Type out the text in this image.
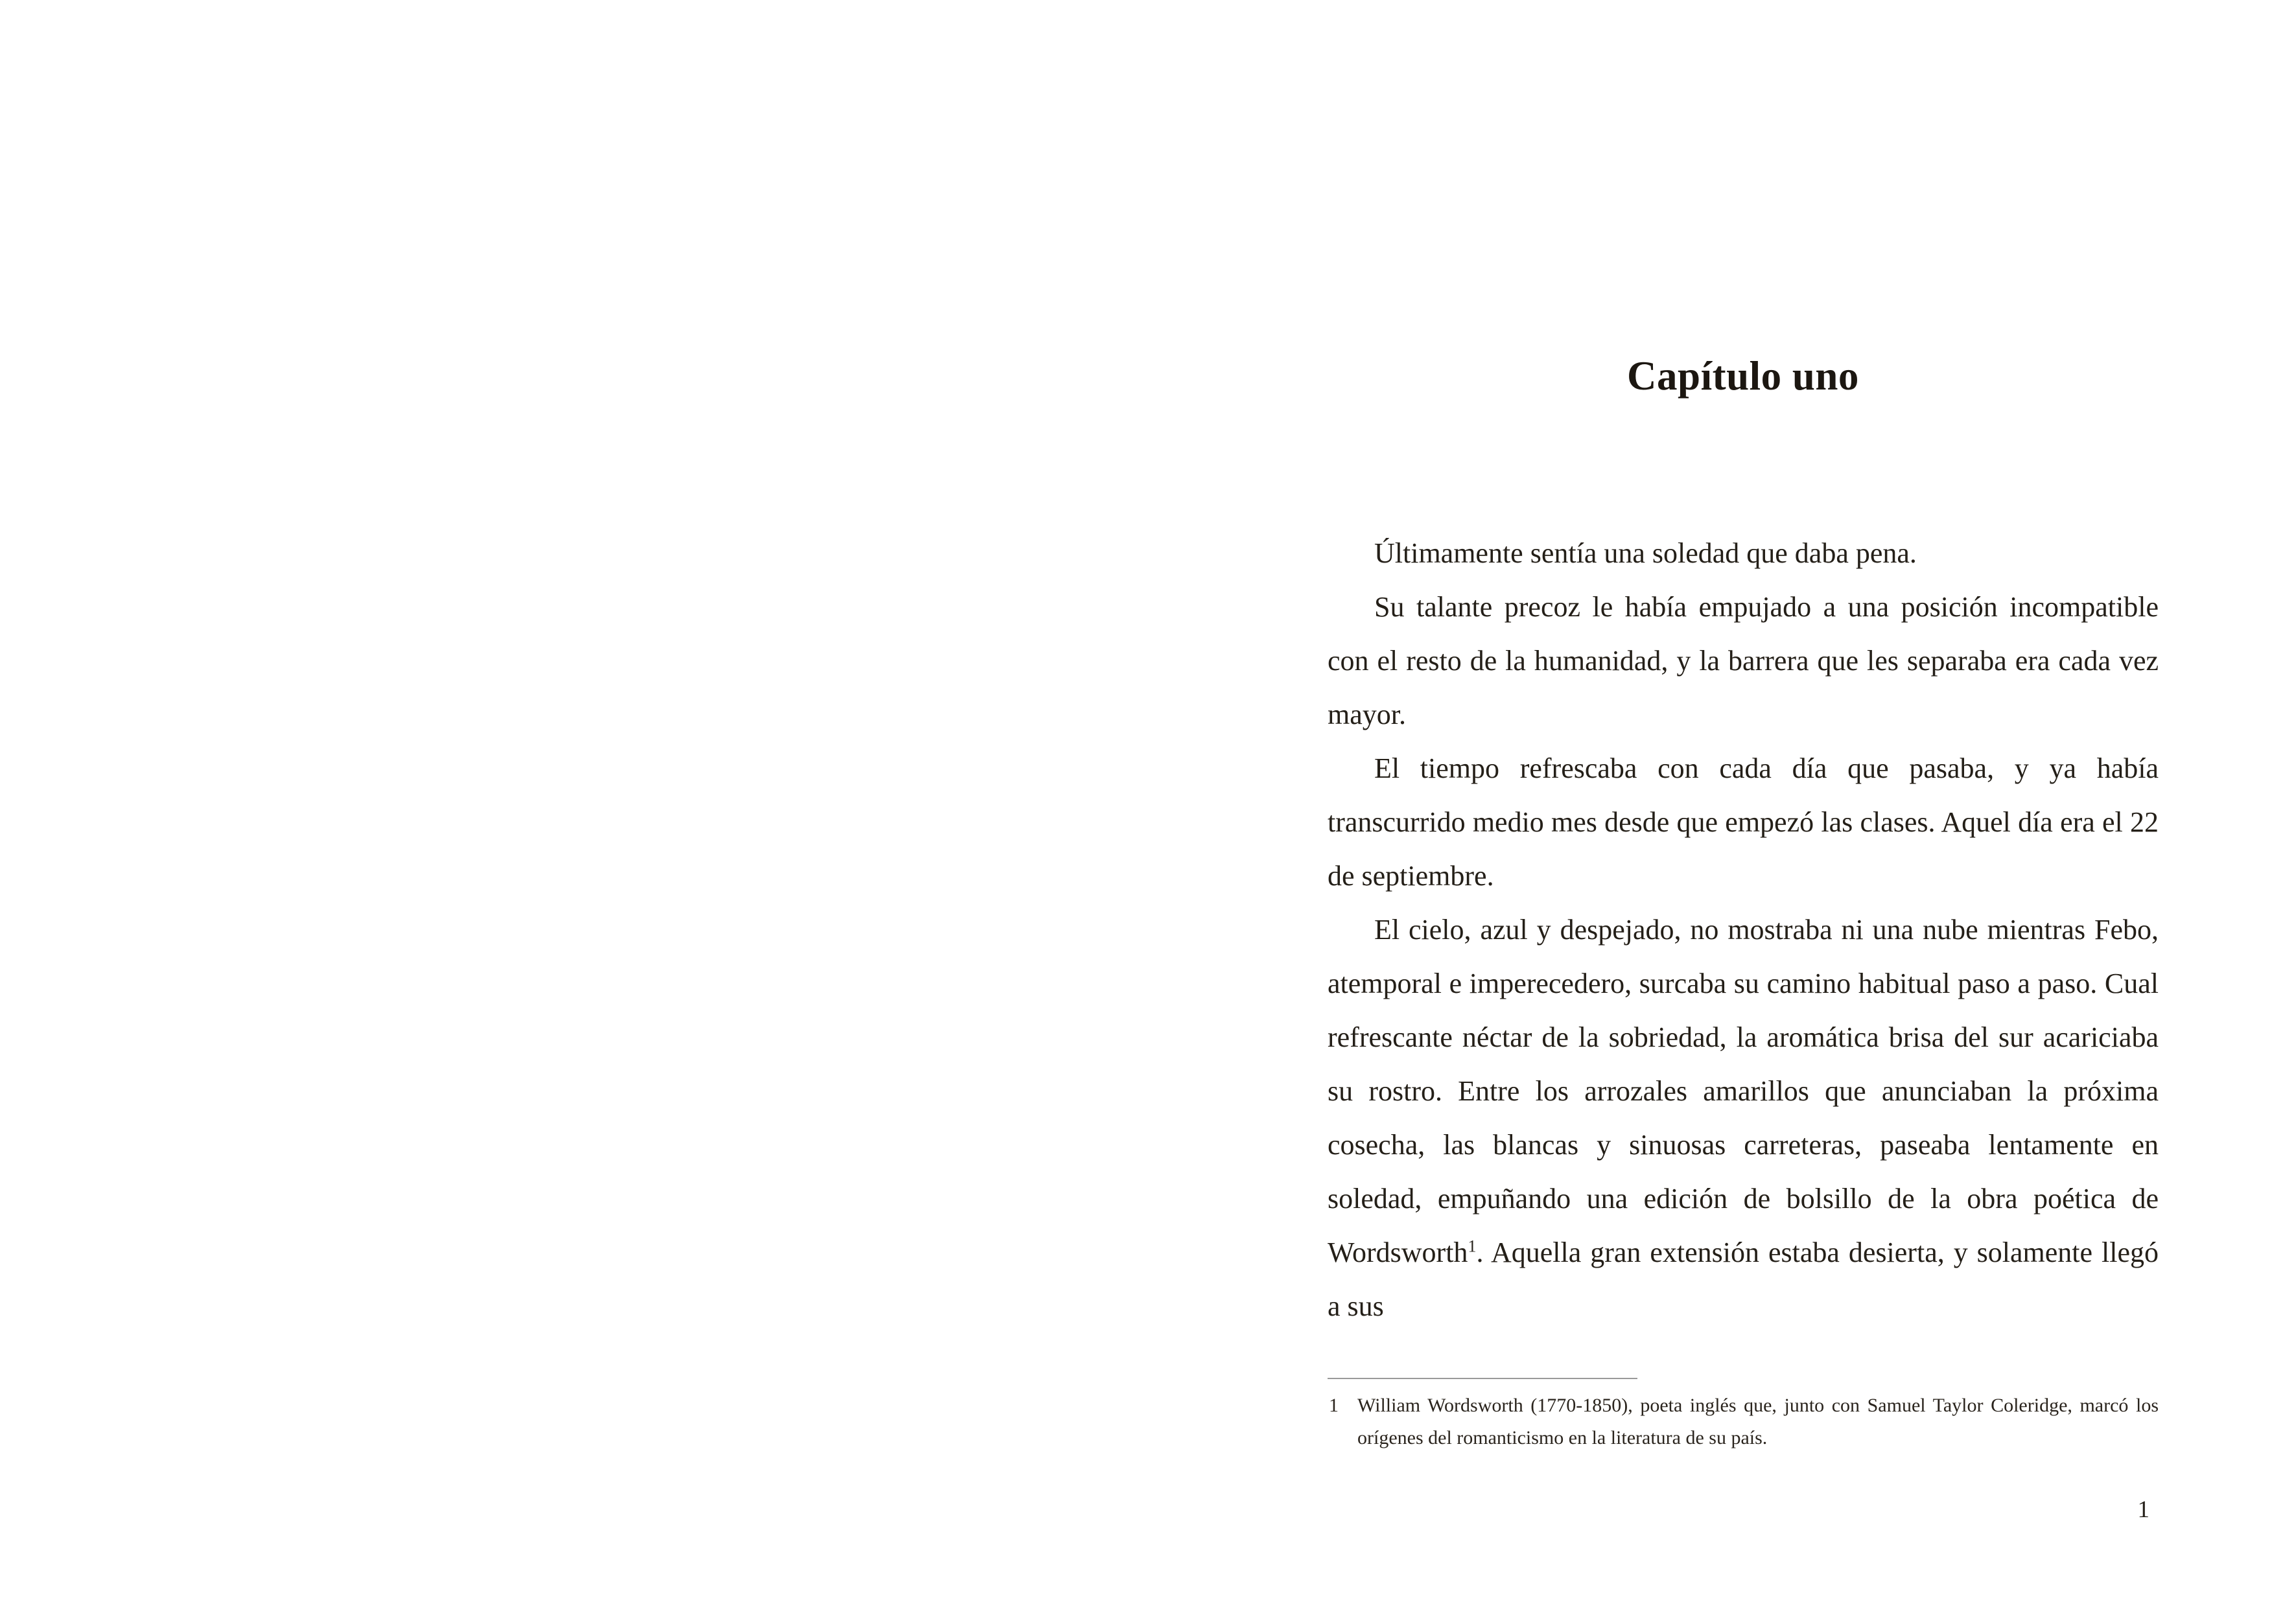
Capítulo uno

Últimamente sentía una soledad que daba pena.

Su talante precoz le había empujado a una posición incompatible con el resto de la humanidad, y la barrera que les separaba era cada vez mayor.

El tiempo refrescaba con cada día que pasaba, y ya había transcurrido medio mes desde que empezó las clases. Aquel día era el 22 de septiembre.

El cielo, azul y despejado, no mostraba ni una nube mientras Febo, atemporal e imperecedero, surcaba su camino habitual paso a paso. Cual refrescante néctar de la sobriedad, la aromática brisa del sur acariciaba su rostro. Entre los arrozales amarillos que anunciaban la próxima cosecha, las blancas y sinuosas carreteras, paseaba lentamente en soledad, empuñando una edición de bolsillo de la obra poética de Wordsworth$^1$. Aquella gran extensión estaba desierta, y solamente llegó a sus

1 William Wordsworth (1770-1850), poeta inglés que, junto con Samuel Taylor Coleridge, marcó los orígenes del romanticismo en la literatura de su país.
1
